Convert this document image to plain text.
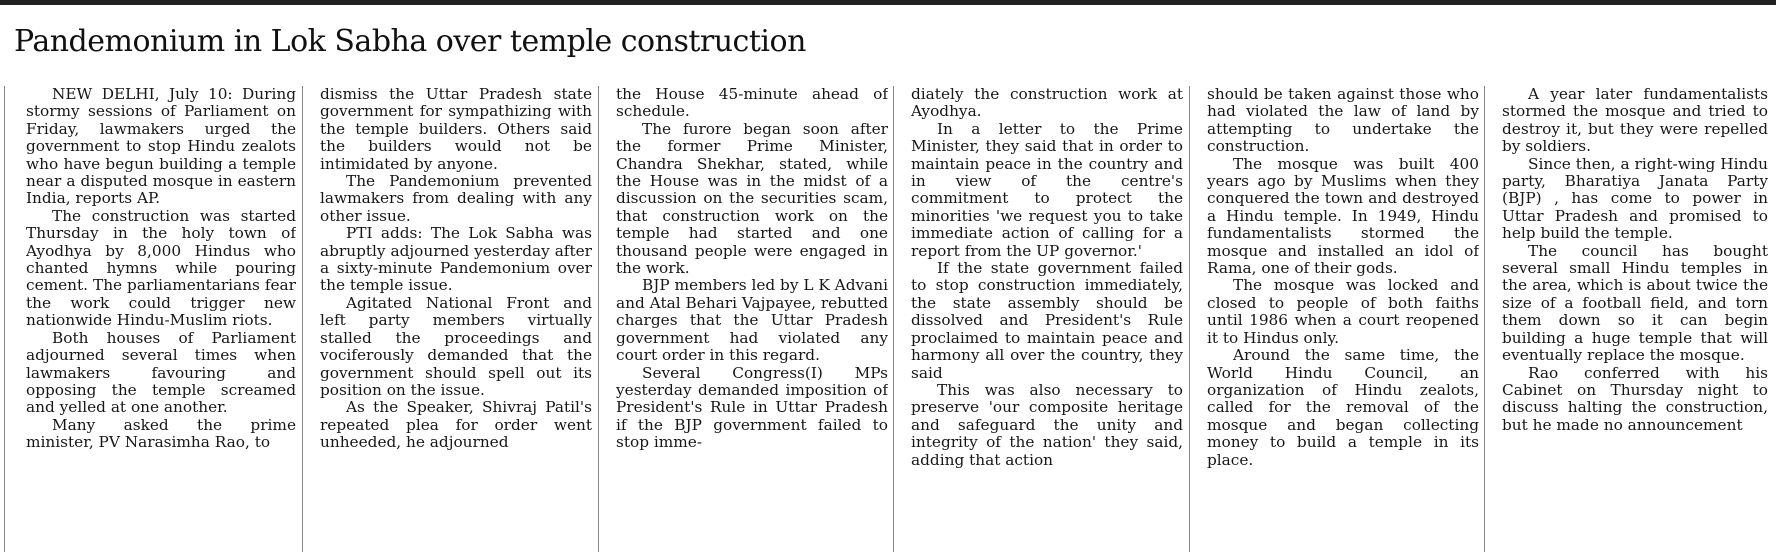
Pandemonium in Lok Sabha over temple construction

NEW DELHI, July 10: During stormy sessions of Parliament on Friday, lawmakers urged the government to stop Hindu zealots who have begun building a temple near a disputed mosque in eastern India, reports AP.

The construction was started Thursday in the holy town of Ayodhya by 8,000 Hindus who chanted hymns while pouring cement. The parliamentarians fear the work could trigger new nationwide Hindu-Muslim riots.

Both houses of Parliament adjourned several times when lawmakers favouring and opposing the temple screamed and yelled at one another.

Many asked the prime minister, PV Narasimha Rao, to

dismiss the Uttar Pradesh state government for sympathizing with the temple builders. Others said the builders would not be intimidated by anyone.

The Pandemonium prevented lawmakers from dealing with any other issue.

PTI adds: The Lok Sabha was abruptly adjourned yesterday after a sixty-minute Pandemonium over the temple issue.

Agitated National Front and left party members virtually stalled the proceedings and vociferously demanded that the government should spell out its position on the issue.

As the Speaker, Shivraj Patil's repeated plea for order went unheeded, he adjourned

the House 45-minute ahead of schedule.

The furore began soon after the former Prime Minister, Chandra Shekhar, stated, while the House was in the midst of a discussion on the securities scam, that construction work on the temple had started and one thousand people were engaged in the work.

BJP members led by L K Advani and Atal Behari Vajpayee, rebutted charges that the Uttar Pradesh government had violated any court order in this regard.

Several Congress(I) MPs yesterday demanded imposition of President's Rule in Uttar Pradesh if the BJP government failed to stop imme-

diately the construction work at Ayodhya.

In a letter to the Prime Minister, they said that in order to maintain peace in the country and in view of the centre's commitment to protect the minorities 'we request you to take immediate action of calling for a report from the UP governor.'

If the state government failed to stop construction immediately, the state assembly should be dissolved and President's Rule proclaimed to maintain peace and harmony all over the country, they said

This was also necessary to preserve 'our composite heritage and safeguard the unity and integrity of the nation' they said, adding that action

should be taken against those who had violated the law of land by attempting to undertake the construction.

The mosque was built 400 years ago by Muslims when they conquered the town and destroyed a Hindu temple. In 1949, Hindu fundamentalists stormed the mosque and installed an idol of Rama, one of their gods.

The mosque was locked and closed to people of both faiths until 1986 when a court reopened it to Hindus only.

Around the same time, the World Hindu Council, an organization of Hindu zealots, called for the removal of the mosque and began collecting money to build a temple in its place.

A year later fundamentalists stormed the mosque and tried to destroy it, but they were repelled by soldiers.

Since then, a right-wing Hindu party, Bharatiya Janata Party (BJP) , has come to power in Uttar Pradesh and promised to help build the temple.

The council has bought several small Hindu temples in the area, which is about twice the size of a football field, and torn them down so it can begin building a huge temple that will eventually replace the mosque.

Rao conferred with his Cabinet on Thursday night to discuss halting the construction, but he made no announcement
